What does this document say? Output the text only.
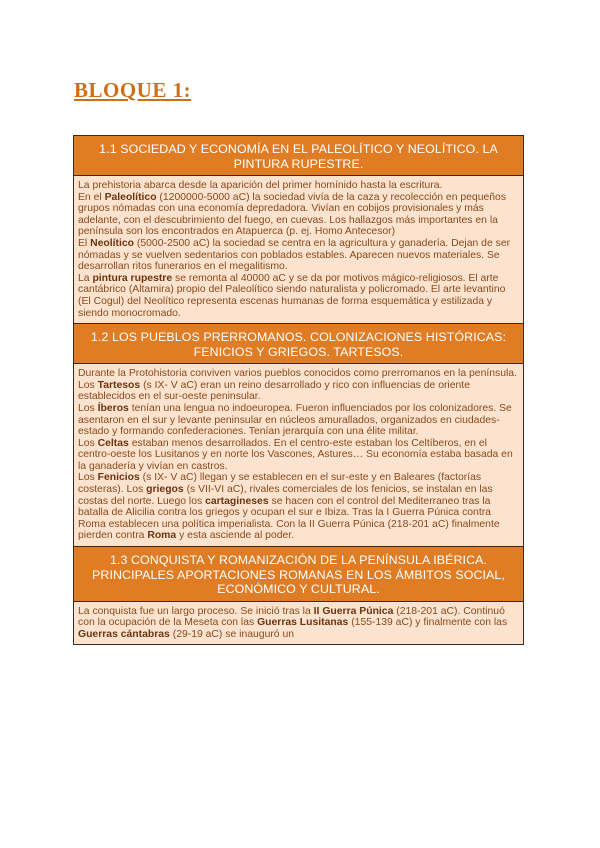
BLOQUE 1:
1.1 SOCIEDAD Y ECONOMÍA EN EL PALEOLÍTICO Y NEOLÍTICO. LA PINTURA RUPESTRE.

La prehistoria abarca desde la aparición del primer homínido hasta la escritura.

En el Paleolítico (1200000-5000 aC) la sociedad vivía de la caza y recolección en pequeños grupos nómadas con una economía depredadora. Vivían en cobijos provisionales y más adelante, con el descubrimiento del fuego, en cuevas. Los hallazgos más importantes en la península son los encontrados en Atapuerca (p. ej. Homo Antecesor)

El Neolítico (5000-2500 aC) la sociedad se centra en la agricultura y ganadería. Dejan de ser nómadas y se vuelven sedentarios con poblados estables. Aparecen nuevos materiales. Se desarrollan ritos funerarios en el megalitismo.

La pintura rupestre se remonta al 40000 aC y se da por motivos mágico-religiosos. El arte cantábrico (Altamira) propio del Paleolítico siendo naturalista y policromado. El arte levantino (El Cogul) del Neolítico representa escenas humanas de forma esquemática y estilizada y siendo monocromado.

1.2 LOS PUEBLOS PRERROMANOS. COLONIZACIONES HISTÓRICAS: FENICIOS Y GRIEGOS. TARTESOS.

Durante la Protohistoria conviven varios pueblos conocidos como prerromanos en la península.

Los Tartesos (s IX- V aC) eran un reino desarrollado y rico con influencias de oriente establecidos en el sur-oeste peninsular.

Los Íberos tenían una lengua no indoeuropea. Fueron influenciados por los colonizadores. Se asentaron en el sur y levante peninsular en núcleos amurallados, organizados en ciudades-estado y formando confederaciones. Tenían jerarquía con una élite militar.

Los Celtas estaban menos desarrollados. En el centro-este estaban los Celtíberos, en el centro-oeste los Lusitanos y en norte los Vascones, Astures… Su economía estaba basada en la ganadería y vivían en castros.

Los Fenicios (s IX- V aC) llegan y se establecen en el sur-este y en Baleares (factorías costeras). Los griegos (s VII-VI aC), rivales comerciales de los fenicios, se instalan en las costas del norte. Luego los cartagineses se hacen con el control del Mediterraneo tras la batalla de Alicilia contra los griegos y ocupan el sur e Ibiza. Tras la I Guerra Púnica contra Roma establecen una política imperialista. Con la II Guerra Púnica (218-201 aC) finalmente pierden contra Roma y esta asciende al poder.

1.3 CONQUISTA Y ROMANIZACIÓN DE LA PENÍNSULA IBÉRICA. PRINCIPALES APORTACIONES ROMANAS EN LOS ÁMBITOS SOCIAL, ECONÓMICO Y CULTURAL.

La conquista fue un largo proceso. Se inició tras la II Guerra Púnica (218-201 aC). Continuó con la ocupación de la Meseta con las Guerras Lusitanas (155-139 aC) y finalmente con las Guerras cántabras (29-19 aC) se inauguró un
